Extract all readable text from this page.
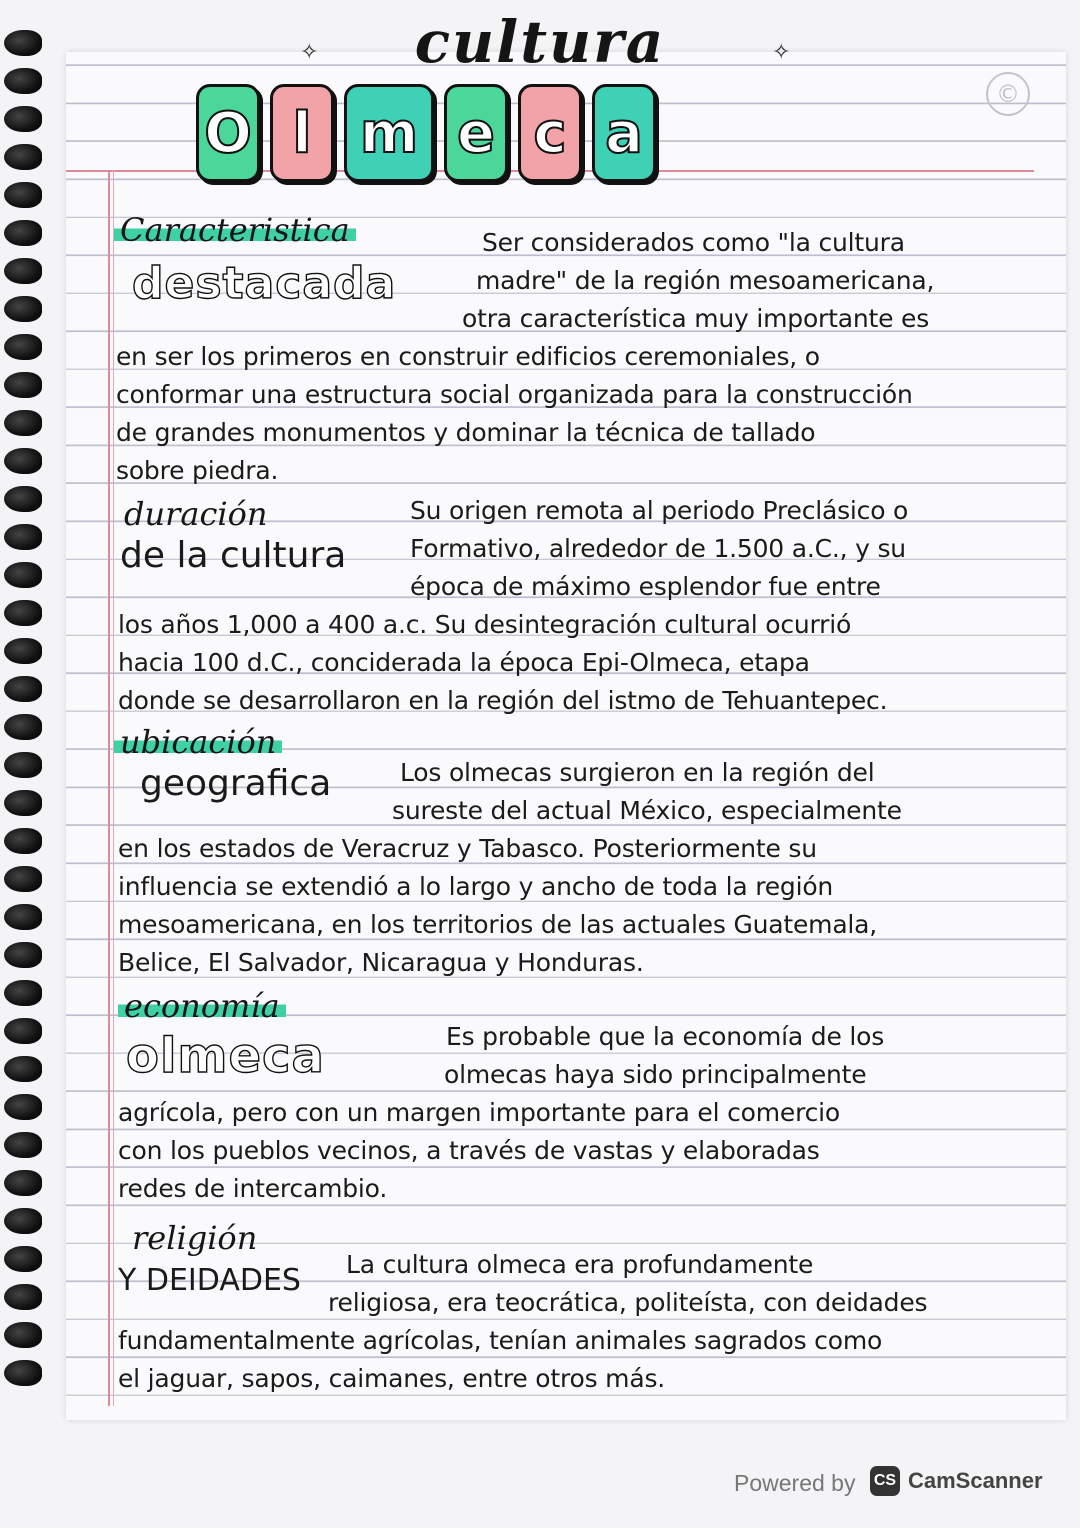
✧	✧
cultura
O l m e c a
©
Caracteristica
destacada
Ser considerados como "la cultura
madre" de la región mesoamericana,
otra característica muy importante es
en ser los primeros en construir edificios ceremoniales, o
conformar una estructura social organizada para la construcción
de grandes monumentos y dominar la técnica de tallado
sobre piedra.
duración
de la cultura
Su origen remota al periodo Preclásico o
Formativo, alrededor de 1.500 a.C., y su
época de máximo esplendor fue entre
los años 1,000 a 400 a.c. Su desintegración cultural ocurrió
hacia 100 d.C., conciderada la época Epi-Olmeca, etapa
donde se desarrollaron en la región del istmo de Tehuantepec.
ubicación
geografica	Los olmecas surgieron en la región del
sureste del actual México, especialmente
en los estados de Veracruz y Tabasco. Posteriormente su
influencia se extendió a lo largo y ancho de toda la región
mesoamericana, en los territorios de las actuales Guatemala,
Belice, El Salvador, Nicaragua y Honduras.
economía
olmeca	Es probable que la economía de los
olmecas haya sido principalmente
agrícola, pero con un margen importante para el comercio
con los pueblos vecinos, a través de vastas y elaboradas
redes de intercambio.
religión
Y DEIDADES La cultura olmeca era profundamente
religiosa, era teocrática, politeísta, con deidades
fundamentalmente agrícolas, tenían animales sagrados como
el jaguar, sapos, caimanes, entre otros más.
Powered by CS CamScanner
